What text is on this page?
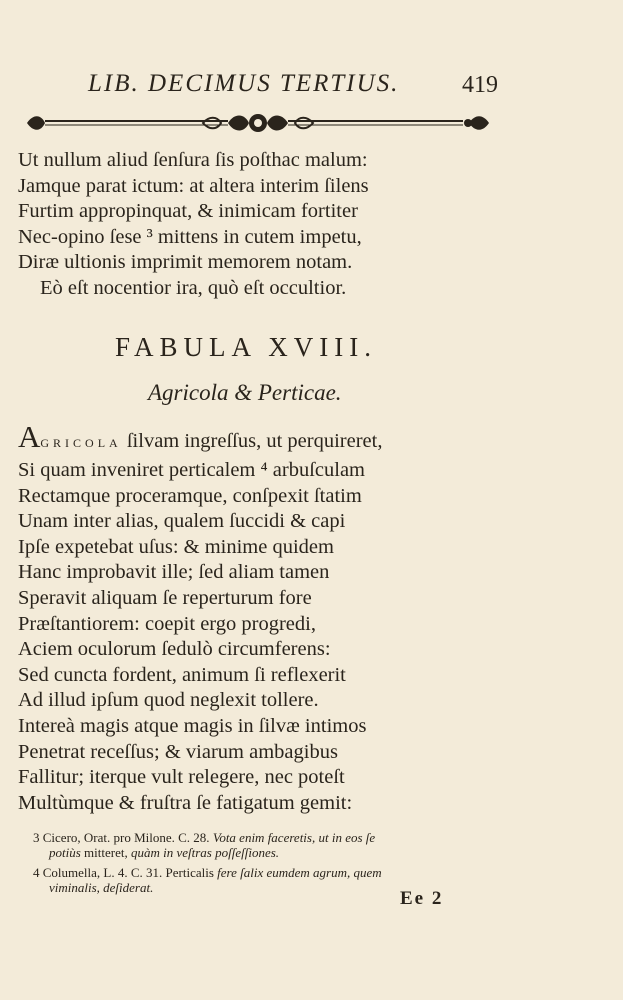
LIB. DECIMUS TERTIUS.	419
Ut nullum aliud ſenſura ſis poſthac malum:
Jamque parat ictum: at altera interim ſilens
Furtim appropinquat, & inimicam fortiter
Nec-opino ſese ³ mittens in cutem impetu,
Diræ ultionis imprimit memorem notam.
Eò eſt nocentior ira, quò eſt occultior.
FABULA XVIII.
Agricola & Perticae.
Agricola ſilvam ingreſſus, ut perquireret,
Si quam inveniret perticalem ⁴ arbuſculam
Rectamque proceramque, conſpexit ſtatim
Unam inter alias, qualem ſuccidi & capi
Ipſe expetebat uſus: & minime quidem
Hanc improbavit ille; ſed aliam tamen
Speravit aliquam ſe reperturum fore
Præſtantiorem: coepit ergo progredi,
Aciem oculorum ſedulò circumferens:
Sed cuncta fordent, animum ſi reflexerit
Ad illud ipſum quod neglexit tollere.
Intereà magis atque magis in ſilvæ intimos
Penetrat receſſus; & viarum ambagibus
Fallitur; iterque vult relegere, nec poteſt
Multùmque & fruſtra ſe fatigatum gemit:
3 Cicero, Orat. pro Milone. C. 28. Vota enim faceretis, ut in eos ſe
potiùs mitteret, quàm in veſtras poſſeſſiones.
4 Columella, L. 4. C. 31. Perticalis fere ſalix eumdem agrum, quem
viminalis, deſiderat.
Ee 2
